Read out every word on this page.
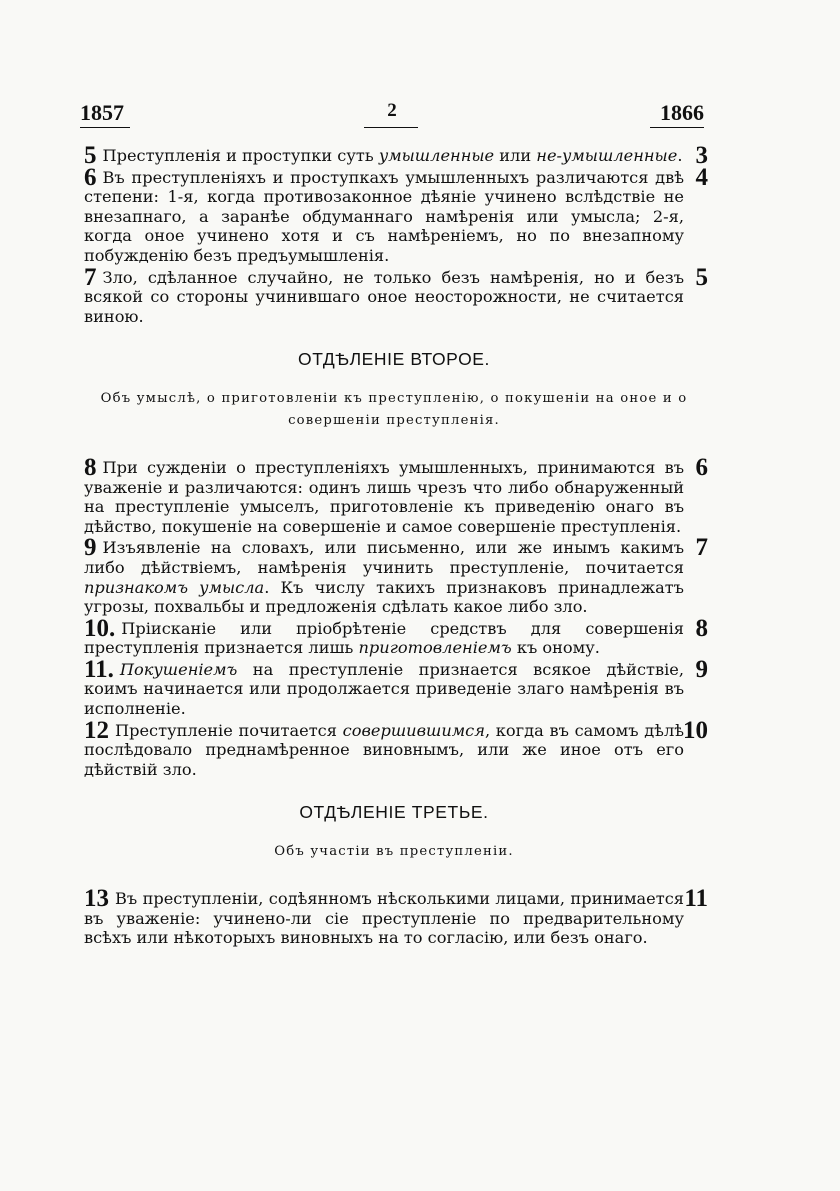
1857	2	1866

5 Преступленія и проступки суть умышленные или не-умышленные. 3

6 Въ преступленіяхъ и проступкахъ умышленныхъ различаются двѣ степени: 1-я, когда противозаконное дѣяніе учинено вслѣдствіе не внезапнаго, а заранѣе обдуманнаго намѣренія или умысла; 2-я, когда оное учинено хотя и съ намѣреніемъ, но по внезапному побужденію безъ предъумышленія.
4

7 Зло, сдѣланное случайно, не только безъ намѣренія, но и безъ всякой со стороны учинившаго оное неосторожности, не считается виною.
5

ОТДѢЛЕНІЕ ВТОРОЕ.
Объ умыслѣ, о приготовленіи къ преступленію, о покушеніи на оное и о совершеніи преступленія.

8 При сужденіи о преступленіяхъ умышленныхъ, принимаются въ уваженіе и различаются: одинъ лишь чрезъ что либо обнаруженный на преступленіе умыселъ, приготовленіе къ приведенію онаго въ дѣйство, покушеніе на совершеніе и самое совершеніе преступленія.
6

9 Изъявленіе на словахъ, или письменно, или же инымъ какимъ либо дѣйствіемъ, намѣренія учинить преступленіе, почитается признакомъ умысла. Къ числу такихъ признаковъ принадлежатъ угрозы, похвальбы и предложенія сдѣлать какое либо зло.
7

10. Пріисканіе или пріобрѣтеніе средствъ для совершенія преступленія признается лишь приготовленіемъ къ оному.
8

11. Покушеніемъ на преступленіе признается всякое дѣйствіе, коимъ начинается или продолжается приведеніе злаго намѣренія въ исполненіе.
9

12 Преступленіе почитается совершившимся, когда въ самомъ дѣлѣ послѣдовало преднамѣренное виновнымъ, или же иное отъ его дѣйствій зло.
10

ОТДѢЛЕНІЕ ТРЕТЬЕ.
Объ участіи въ преступленіи.

13 Въ преступленіи, содѣянномъ нѣсколькими лицами, принимается въ уваженіе: учинено-ли сіе преступленіе по предварительному всѣхъ или нѣкоторыхъ виновныхъ на то согласію, или безъ онаго.
11
